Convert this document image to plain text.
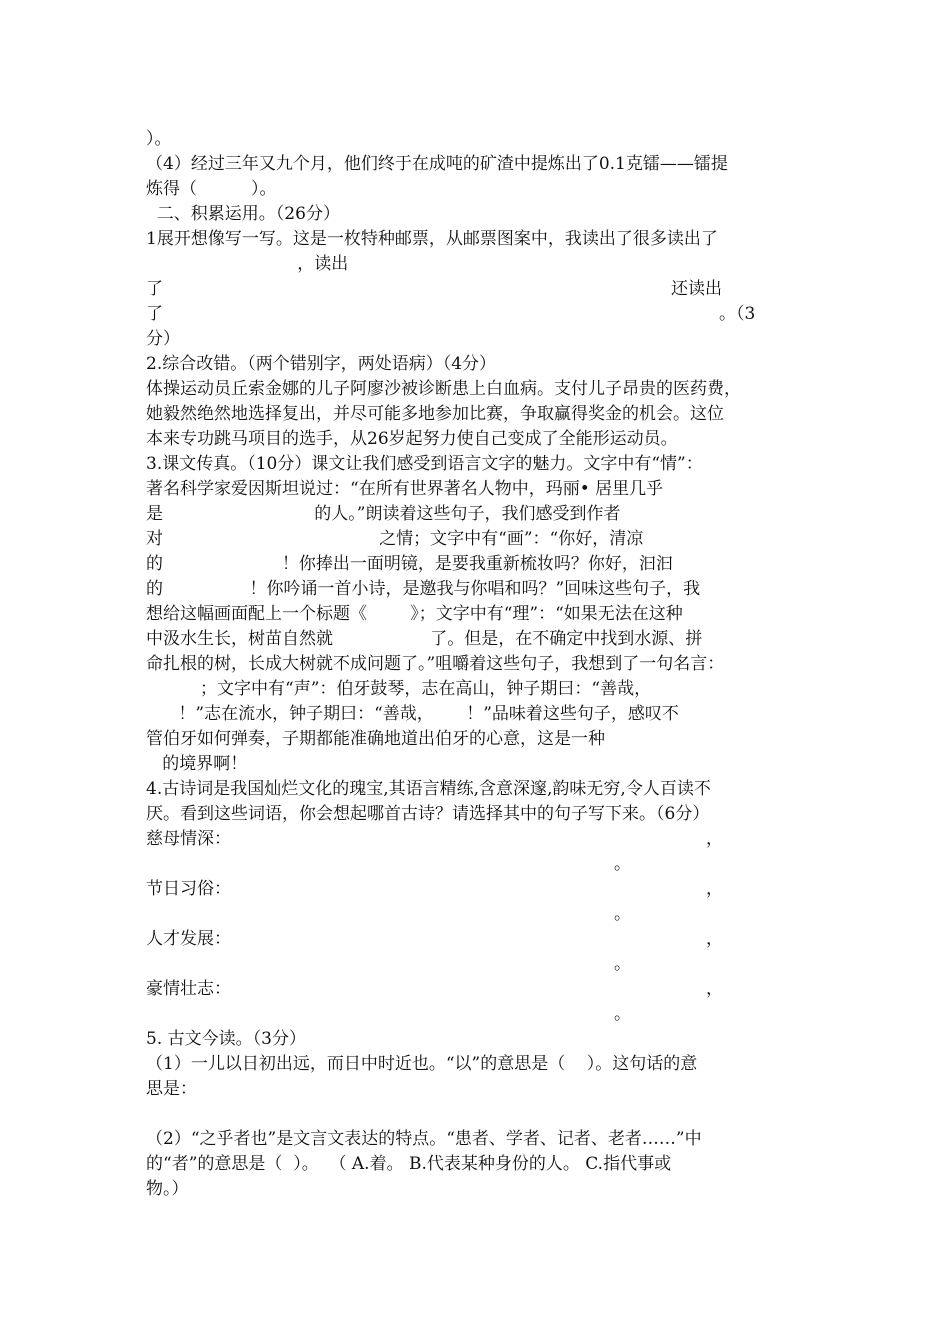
）。
（4）经过三年又九个月，他们终于在成吨的矿渣中提炼出了0.1克镭——镭提
炼得（          ）。
二、积累运用。（26分）
1展开想像写一写。这是一枚特种邮票，从邮票图案中，我读出了很多读出了
，读出
了	还读出
了	。（3
分）
2.综合改错。（两个错别字，两处语病）（4分）
体操运动员丘索金娜的儿子阿廖沙被诊断患上白血病。支付儿子昂贵的医药费，
她毅然绝然地选择复出，并尽可能多地参加比赛，争取赢得奖金的机会。这位
本来专功跳马项目的选手，从26岁起努力使自己变成了全能形运动员。
3.课文传真。（10分）课文让我们感受到语言文字的魅力。文字中有“情”：
著名科学家爱因斯坦说过：“在所有世界著名人物中，玛丽• 居里几乎
是                            的人。”朗读着这些句子，我们感受到作者
对                                        之情；文字中有“画”：“你好，清凉
的                      ！你捧出一面明镜，是要我重新梳妆吗？你好，汩汩
的                ！你吟诵一首小诗，是邀我与你唱和吗？”回味这些句子，我
想给这幅画面配上一个标题《        》；文字中有“理”：“如果无法在这种
中汲水生长，树苗自然就                  了。但是，在不确定中找到水源、拼
命扎根的树，长成大树就不成问题了。”咀嚼着这些句子，我想到了一句名言：
；文字中有“声”：伯牙鼓琴，志在高山，钟子期曰：“善哉，
！”志在流水，钟子期曰：“善哉，      ！”品味着这些句子，感叹不
管伯牙如何弹奏，子期都能准确地道出伯牙的心意，这是一种
的境界啊！
4.古诗词是我国灿烂文化的瑰宝,其语言精练,含意深邃,韵味无穷,令人百读不
厌。看到这些词语，你会想起哪首古诗？请选择其中的句子写下来。（6分）
慈母情深：	，
。
节日习俗：	，
。
人才发展：	，
。
豪情壮志：	，
。
5. 古文今读。（3分）
（1）一儿以日初出远，而日中时近也。“以”的意思是（    ）。这句话的意
思是：
（2）“之乎者也”是文言文表达的特点。“患者、学者、记者、老者……”中
的“者”的意思是（  ）。  （ A.着。 B.代表某种身份的人。 C.指代事或
物。）
